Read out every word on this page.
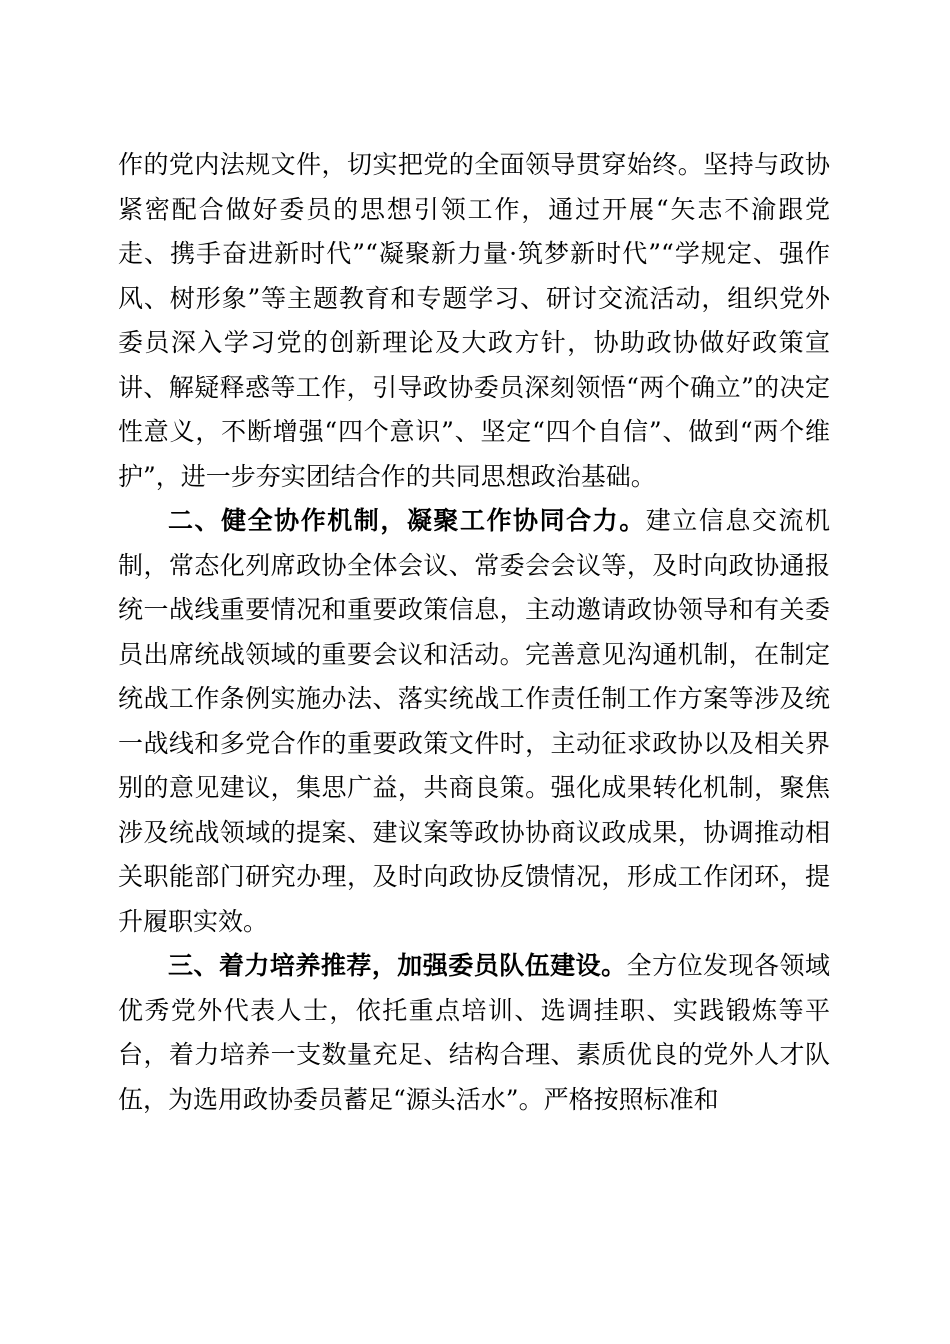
作的党内法规文件，切实把党的全面领导贯穿始终。坚持与政协紧密配合做好委员的思想引领工作，通过开展“矢志不渝跟党走、携手奋进新时代”“凝聚新力量·筑梦新时代”“学规定、强作风、树形象”等主题教育和专题学习、研讨交流活动，组织党外委员深入学习党的创新理论及大政方针，协助政协做好政策宣讲、解疑释惑等工作，引导政协委员深刻领悟“两个确立”的决定性意义，不断增强“四个意识”、坚定“四个自信”、做到“两个维护”，进一步夯实团结合作的共同思想政治基础。

二、健全协作机制，凝聚工作协同合力。建立信息交流机制，常态化列席政协全体会议、常委会会议等，及时向政协通报统一战线重要情况和重要政策信息，主动邀请政协领导和有关委员出席统战领域的重要会议和活动。完善意见沟通机制，在制定统战工作条例实施办法、落实统战工作责任制工作方案等涉及统一战线和多党合作的重要政策文件时，主动征求政协以及相关界别的意见建议，集思广益，共商良策。强化成果转化机制，聚焦涉及统战领域的提案、建议案等政协协商议政成果，协调推动相关职能部门研究办理，及时向政协反馈情况，形成工作闭环，提升履职实效。

三、着力培养推荐，加强委员队伍建设。全方位发现各领域优秀党外代表人士，依托重点培训、选调挂职、实践锻炼等平台，着力培养一支数量充足、结构合理、素质优良的党外人才队伍，为选用政协委员蓄足“源头活水”。严格按照标准和
